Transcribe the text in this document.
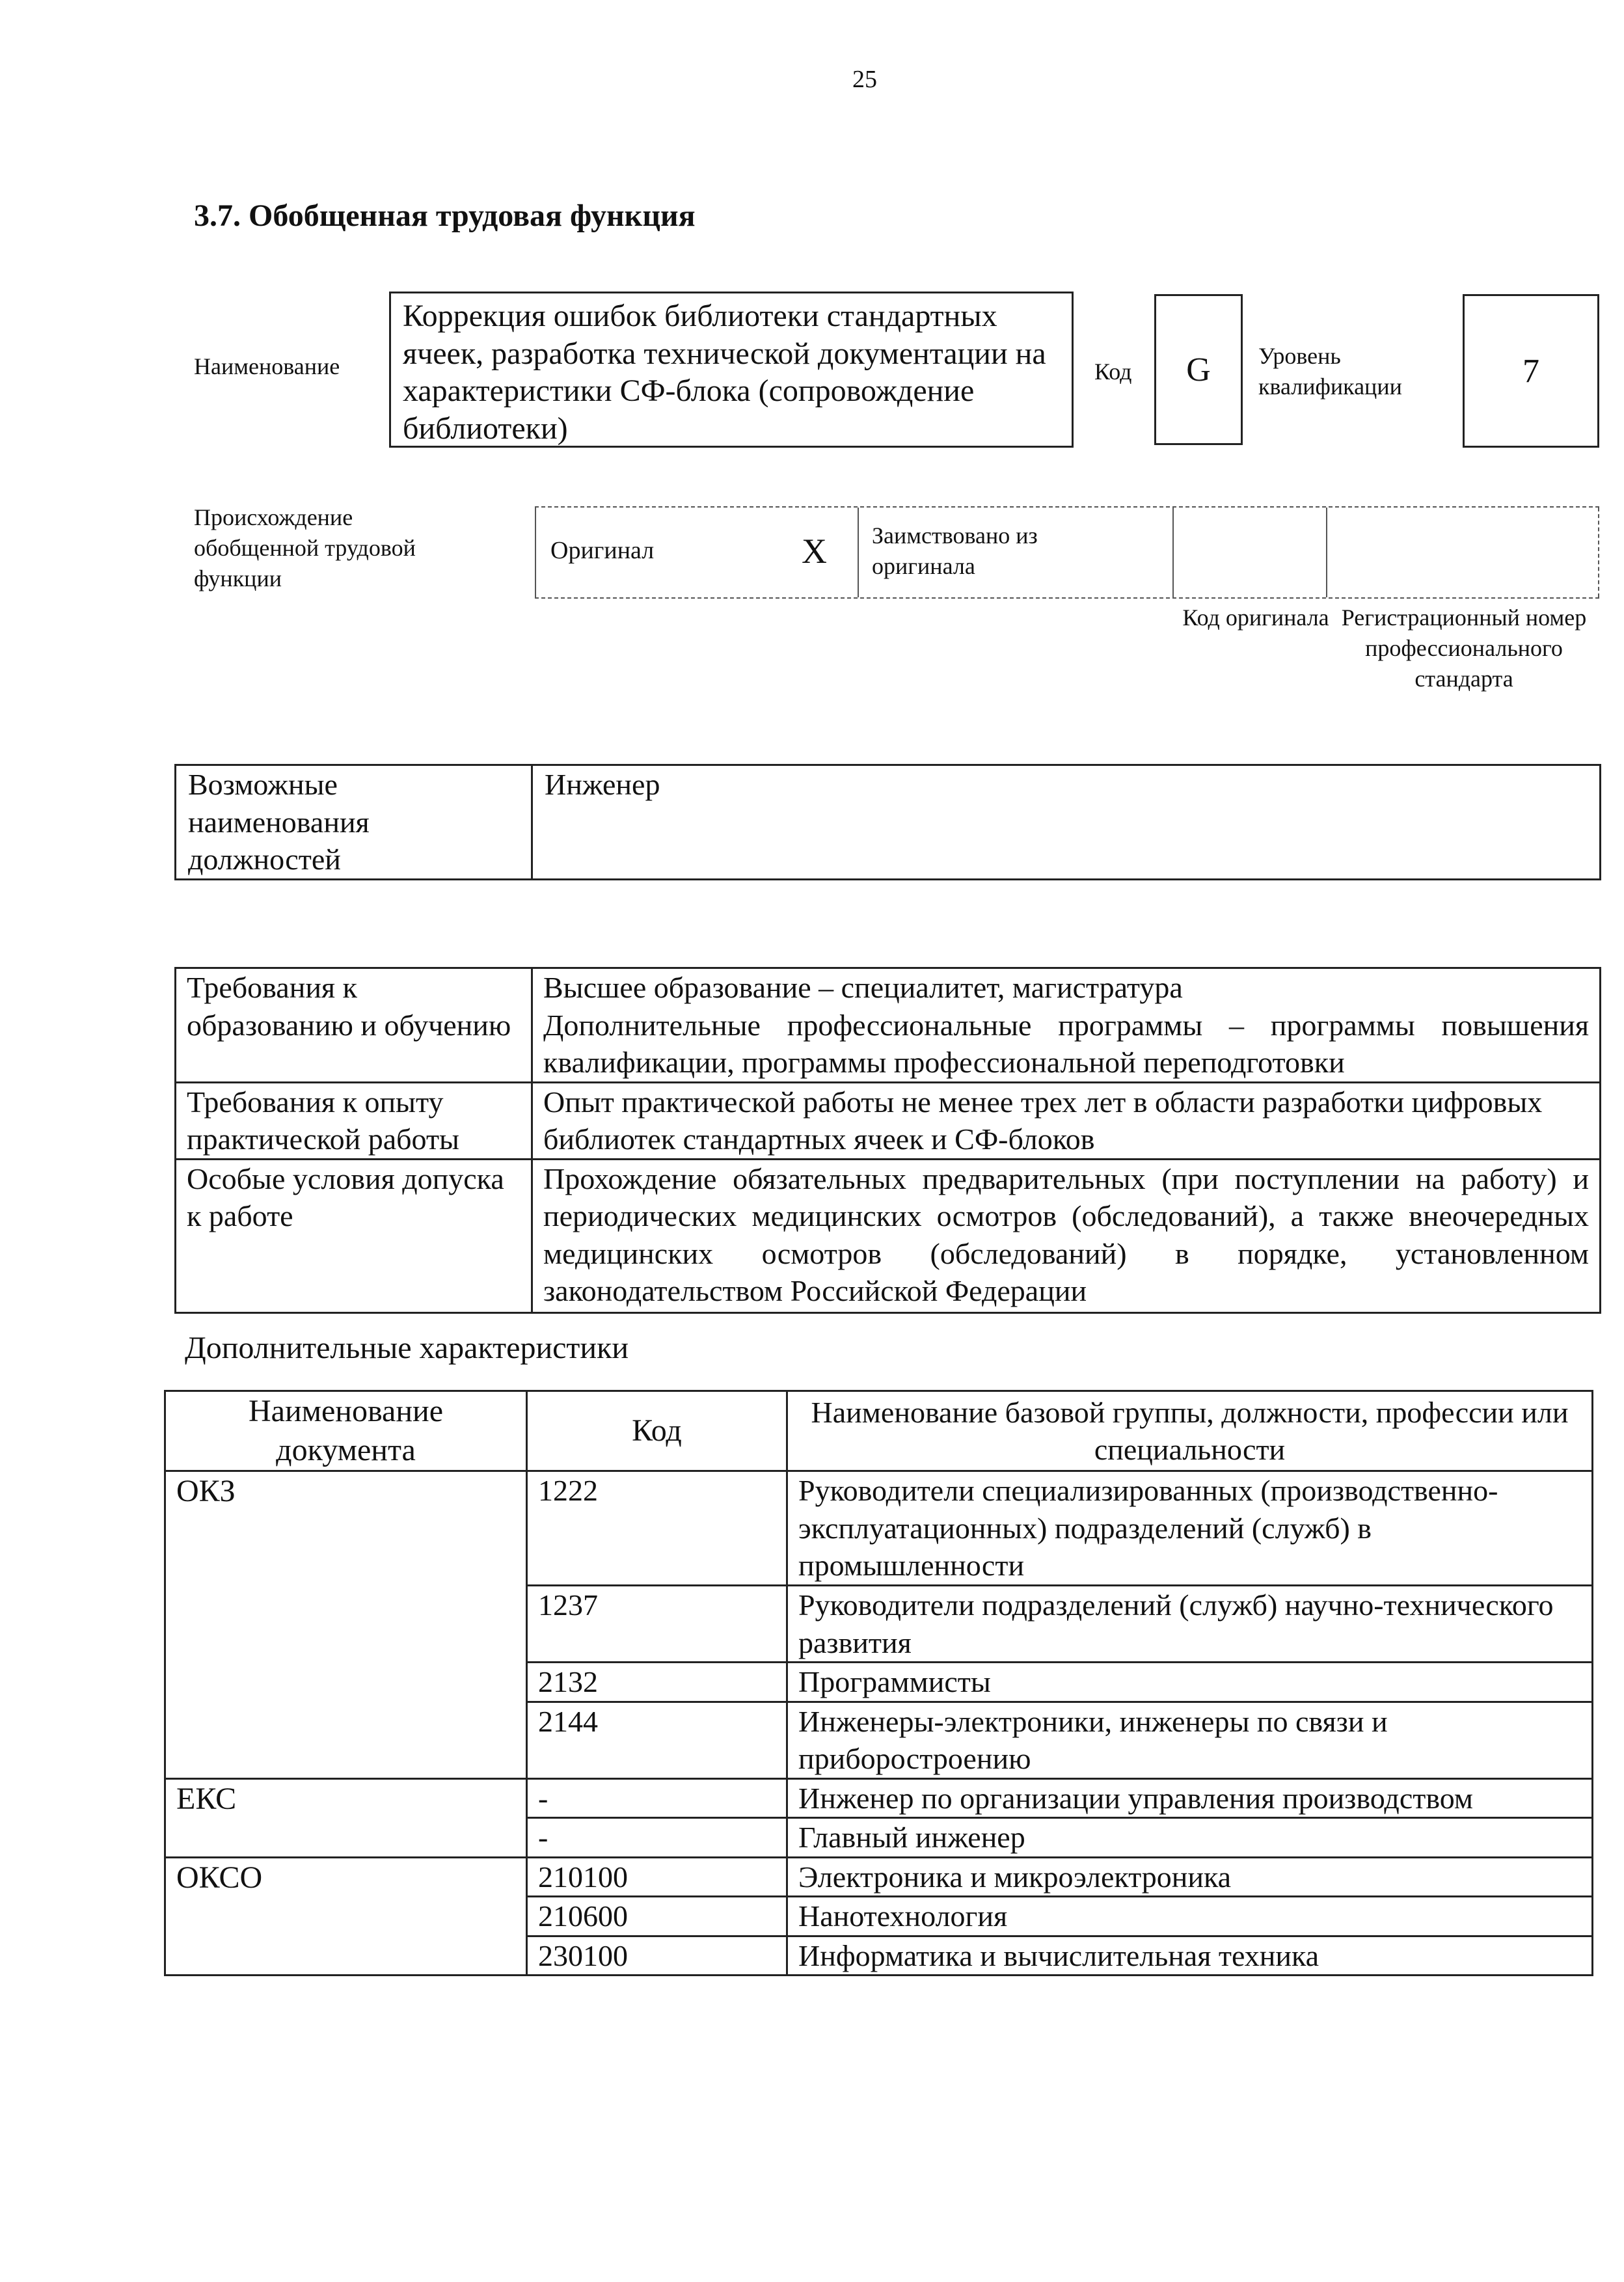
25
3.7. Обобщенная трудовая функция
Наименование
Коррекция ошибок библиотеки стандартных ячеек, разработка технической документации на характеристики СФ-блока (сопровождение библиотеки)
Код	G	Уровень квалификации	7
Происхождение обобщенной трудовой функции
Оригинал	X Заимствовано из оригинала
Код оригинала Регистрационный номер профессионального стандарта
Возможные наименования должностей	Инженер
Требования к образованию и обучению	Высшее образование – специалитет, магистратура
Дополнительные профессиональные программы – программы повышения квалификации, программы профессиональной переподготовки

Требования к опыту практической работы	Опыт практической работы не менее трех лет в области разработки цифровых библиотек стандартных ячеек и СФ-блоков

Особые условия допуска к работе	Прохождение обязательных предварительных (при поступлении на работу) и периодических медицинских осмотров (обследований), а также внеочередных медицинских осмотров (обследований) в порядке, установленном законодательством Российской Федерации
Дополнительные характеристики
Наименование документа	Код	Наименование базовой группы, должности, профессии или специальности
ОКЗ	1222	Руководители специализированных (производственно-эксплуатационных) подразделений (служб) в промышленности
	1237	Руководители подразделений (служб) научно-технического развития
	2132	Программисты
	2144	Инженеры-электроники, инженеры по связи и приборостроению
ЕКС	-	Инженер по организации управления производством
	-	Главный инженер
ОКСО	210100	Электроника и микроэлектроника
	210600	Нанотехнология
	230100	Информатика и вычислительная техника
